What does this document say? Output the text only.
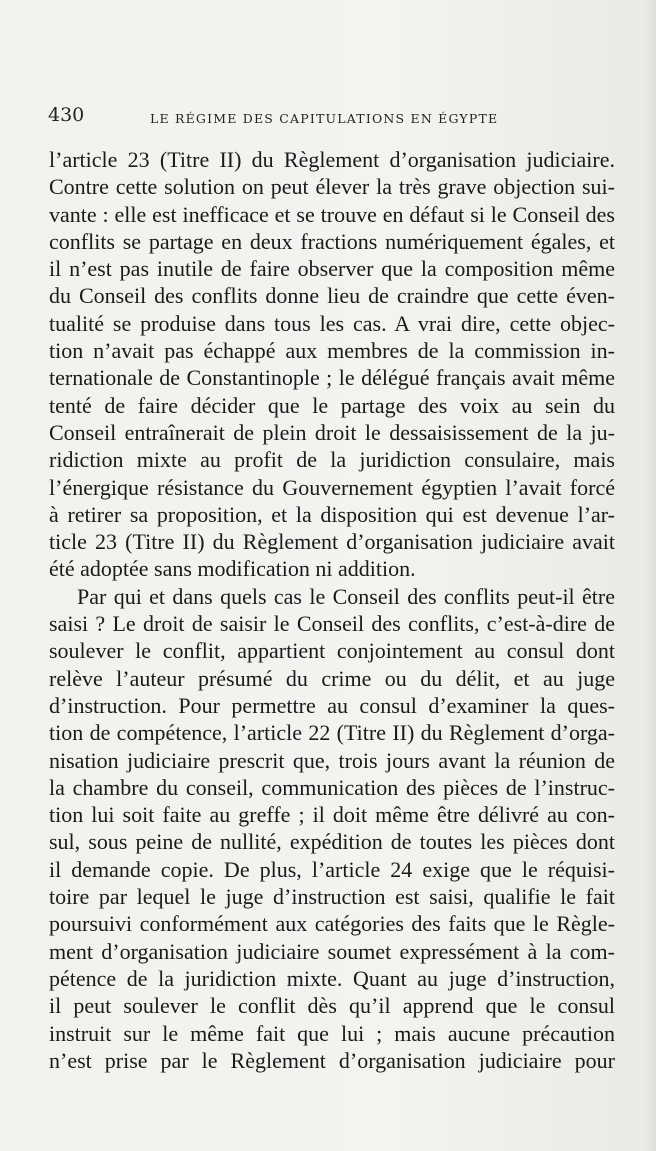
430	LE RÉGIME DES CAPITULATIONS EN ÉGYPTE
l’article 23 (Titre II) du Règlement d’organisation judiciaire.
Contre cette solution on peut élever la très grave objection sui-
vante : elle est inefficace et se trouve en défaut si le Conseil des
conflits se partage en deux fractions numériquement égales, et
il n’est pas inutile de faire observer que la composition même
du Conseil des conflits donne lieu de craindre que cette éven-
tualité se produise dans tous les cas. A vrai dire, cette objec-
tion n’avait pas échappé aux membres de la commission in-
ternationale de Constantinople ; le délégué français avait même
tenté de faire décider que le partage des voix au sein du
Conseil entraînerait de plein droit le dessaisissement de la ju-
ridiction mixte au profit de la juridiction consulaire, mais
l’énergique résistance du Gouvernement égyptien l’avait forcé
à retirer sa proposition, et la disposition qui est devenue l’ar-
ticle 23 (Titre II) du Règlement d’organisation judiciaire avait
été adoptée sans modification ni addition.
Par qui et dans quels cas le Conseil des conflits peut-il être
saisi ? Le droit de saisir le Conseil des conflits, c’est-à-dire de
soulever le conflit, appartient conjointement au consul dont
relève l’auteur présumé du crime ou du délit, et au juge
d’instruction. Pour permettre au consul d’examiner la ques-
tion de compétence, l’article 22 (Titre II) du Règlement d’orga-
nisation judiciaire prescrit que, trois jours avant la réunion de
la chambre du conseil, communication des pièces de l’instruc-
tion lui soit faite au greffe ; il doit même être délivré au con-
sul, sous peine de nullité, expédition de toutes les pièces dont
il demande copie. De plus, l’article 24 exige que le réquisi-
toire par lequel le juge d’instruction est saisi, qualifie le fait
poursuivi conformément aux catégories des faits que le Règle-
ment d’organisation judiciaire soumet expressément à la com-
pétence de la juridiction mixte. Quant au juge d’instruction,
il peut soulever le conflit dès qu’il apprend que le consul
instruit sur le même fait que lui ; mais aucune précaution
n’est prise par le Règlement d’organisation judiciaire pour
